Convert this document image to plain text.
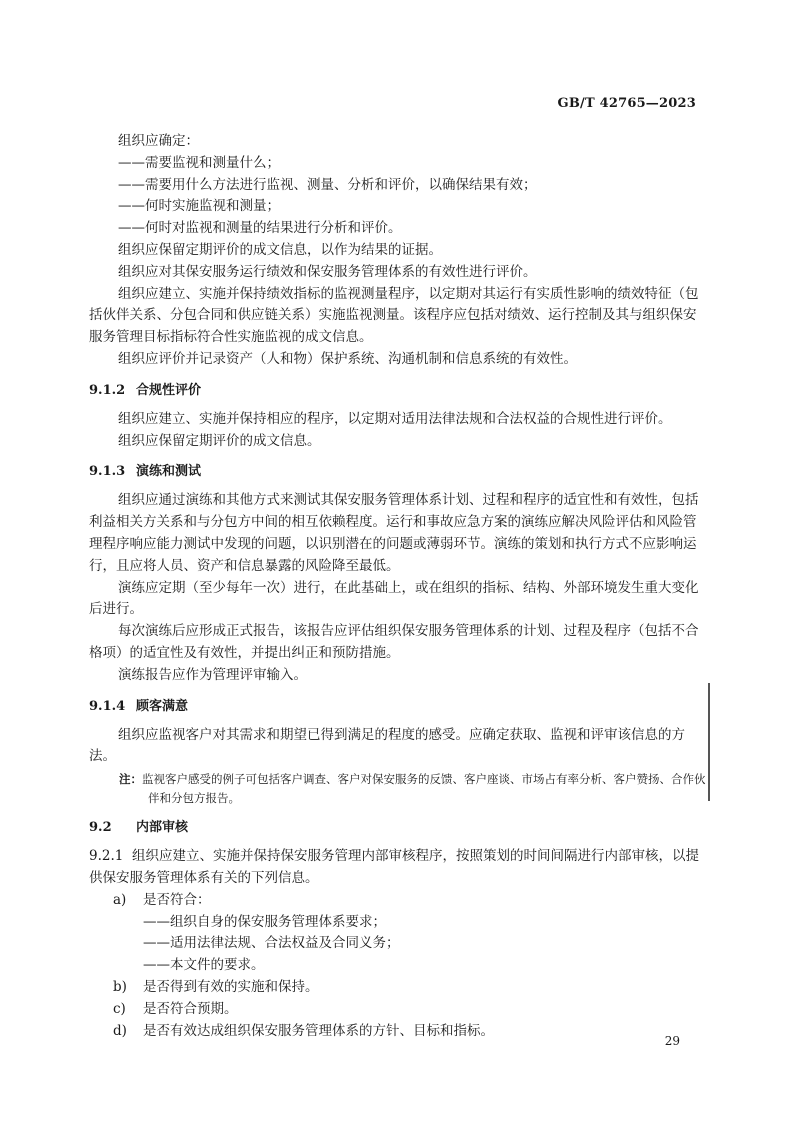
GB/T 42765—2023

组织应确定：

——需要监视和测量什么；

——需要用什么方法进行监视、测量、分析和评价，以确保结果有效；

——何时实施监视和测量；

——何时对监视和测量的结果进行分析和评价。

组织应保留定期评价的成文信息，以作为结果的证据。

组织应对其保安服务运行绩效和保安服务管理体系的有效性进行评价。

组织应建立、实施并保持绩效指标的监视测量程序，以定期对其运行有实质性影响的绩效特征（包括伙伴关系、分包合同和供应链关系）实施监视测量。该程序应包括对绩效、运行控制及其与组织保安服务管理目标指标符合性实施监视的成文信息。

组织应评价并记录资产（人和物）保护系统、沟通机制和信息系统的有效性。

9.1.2 合规性评价

组织应建立、实施并保持相应的程序，以定期对适用法律法规和合法权益的合规性进行评价。

组织应保留定期评价的成文信息。

9.1.3 演练和测试

组织应通过演练和其他方式来测试其保安服务管理体系计划、过程和程序的适宜性和有效性，包括利益相关方关系和与分包方中间的相互依赖程度。运行和事故应急方案的演练应解决风险评估和风险管理程序响应能力测试中发现的问题，以识别潜在的问题或薄弱环节。演练的策划和执行方式不应影响运行，且应将人员、资产和信息暴露的风险降至最低。

演练应定期（至少每年一次）进行，在此基础上，或在组织的指标、结构、外部环境发生重大变化后进行。

每次演练后应形成正式报告，该报告应评估组织保安服务管理体系的计划、过程及程序（包括不合格项）的适宜性及有效性，并提出纠正和预防措施。

演练报告应作为管理评审输入。

9.1.4 顾客满意

组织应监视客户对其需求和期望已得到满足的程度的感受。应确定获取、监视和评审该信息的方法。

注：监视客户感受的例子可包括客户调查、客户对保安服务的反馈、客户座谈、市场占有率分析、客户赞扬、合作伙伴和分包方报告。

9.2 内部审核

9.2.1 组织应建立、实施并保持保安服务管理内部审核程序，按照策划的时间间隔进行内部审核，以提供保安服务管理体系有关的下列信息。

a) 是否符合：

——组织自身的保安服务管理体系要求；

——适用法律法规、合法权益及合同义务；

——本文件的要求。

b) 是否得到有效的实施和保持。

c) 是否符合预期。

d) 是否有效达成组织保安服务管理体系的方针、目标和指标。

29
